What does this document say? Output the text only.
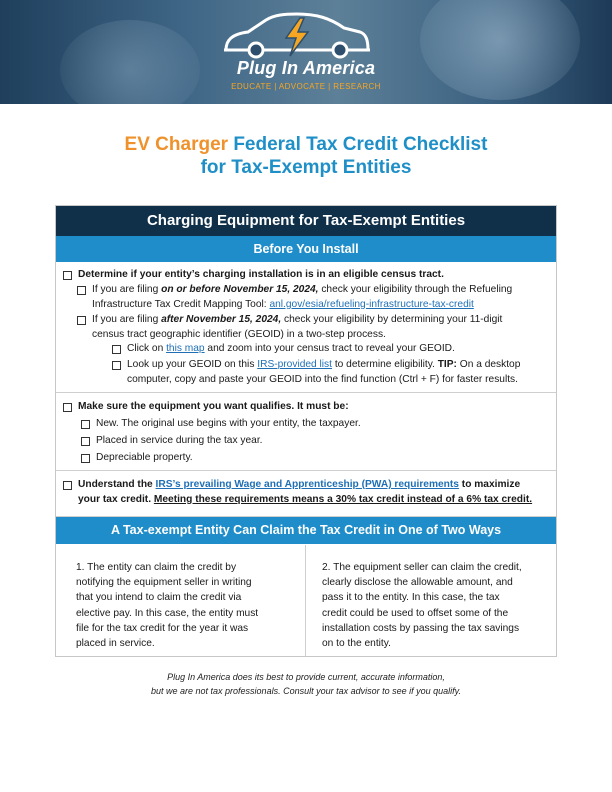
Plug In America
EDUCATE | ADVOCATE | RESEARCH
EV Charger Federal Tax Credit Checklist
for Tax-Exempt Entities
Charging Equipment for Tax-Exempt Entities
Before You Install
Determine if your entity’s charging installation is in an eligible census tract.
If you are filing on or before November 15, 2024, check your eligibility through the Refueling
Infrastructure Tax Credit Mapping Tool: anl.gov/esia/refueling-infrastructure-tax-credit
If you are filing after November 15, 2024, check your eligibility by determining your 11-digit
census tract geographic identifier (GEOID) in a two-step process.
Click on this map and zoom into your census tract to reveal your GEOID.
Look up your GEOID on this IRS-provided list to determine eligibility. TIP: On a desktop
computer, copy and paste your GEOID into the find function (Ctrl + F) for faster results.
Make sure the equipment you want qualifies. It must be:
New. The original use begins with your entity, the taxpayer.
Placed in service during the tax year.
Depreciable property.
Understand the IRS’s prevailing Wage and Apprenticeship (PWA) requirements to maximize
your tax credit. Meeting these requirements means a 30% tax credit instead of a 6% tax credit.
A Tax-exempt Entity Can Claim the Tax Credit in One of Two Ways
1. The entity can claim the credit by
notifying the equipment seller in writing
that you intend to claim the credit via
elective pay. In this case, the entity must
file for the tax credit for the year it was
placed in service.
2. The equipment seller can claim the credit,
clearly disclose the allowable amount, and
pass it to the entity. In this case, the tax
credit could be used to offset some of the
installation costs by passing the tax savings
on to the entity.
Plug In America does its best to provide current, accurate information,
but we are not tax professionals. Consult your tax advisor to see if you qualify.
